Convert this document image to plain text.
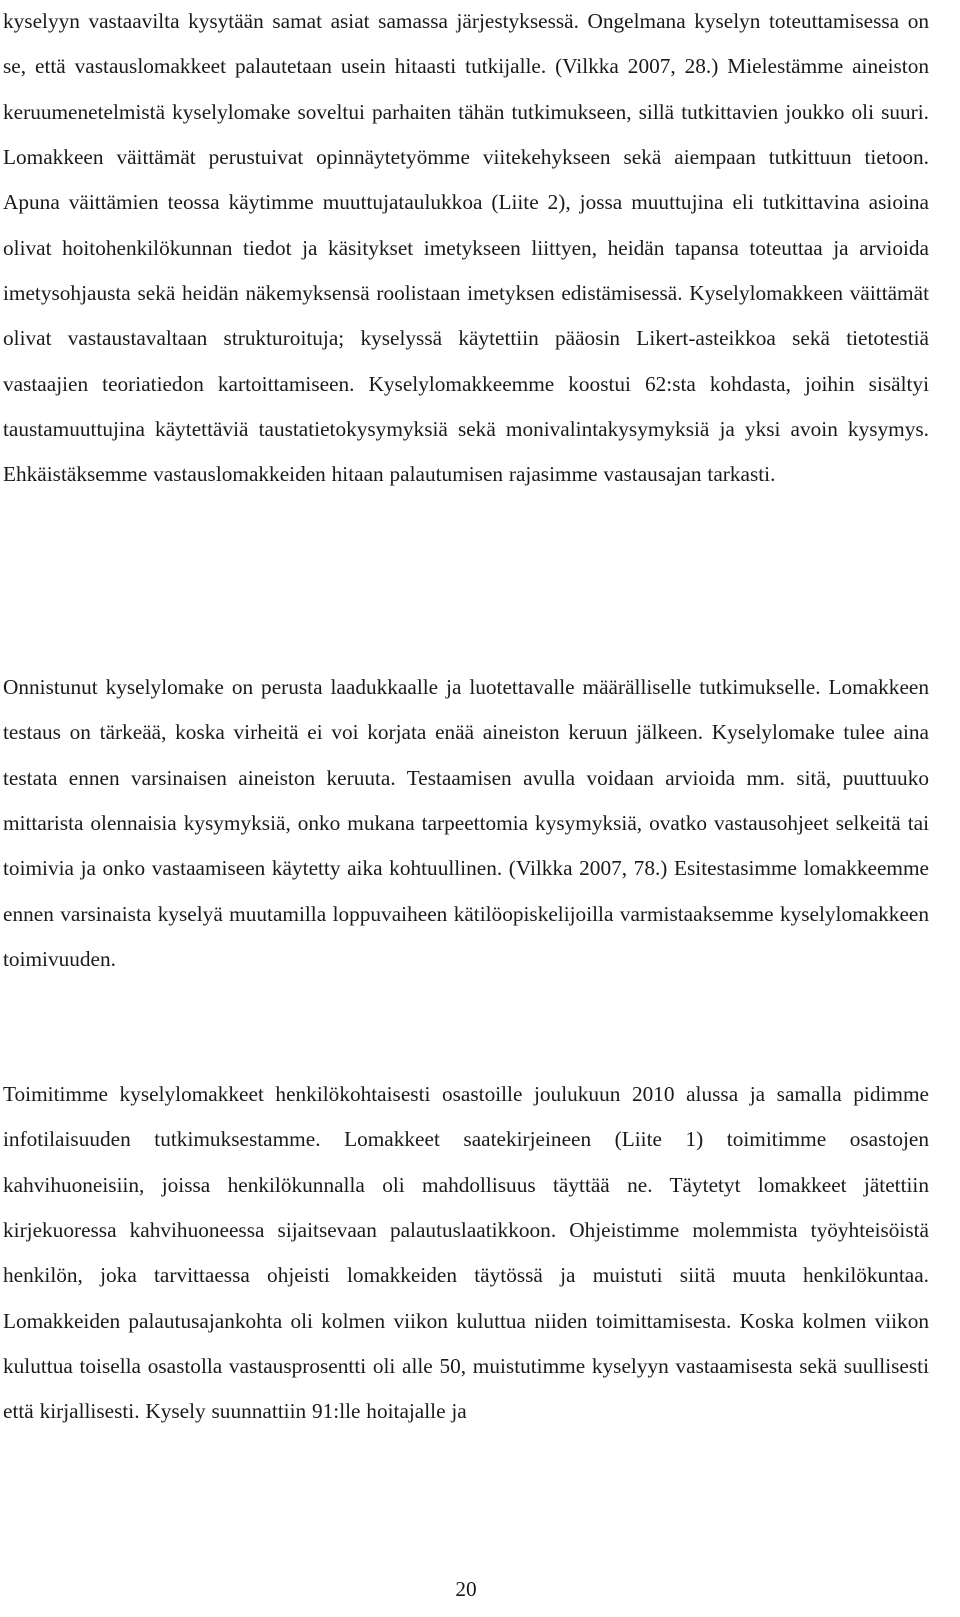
kyselyyn vastaavilta kysytään samat asiat samassa järjestyksessä. Ongelmana kyselyn toteuttamisessa on se, että vastauslomakkeet palautetaan usein hitaasti tutkijalle. (Vilkka 2007, 28.) Mielestämme aineiston keruumenetelmistä kyselylomake soveltui parhaiten tähän tutkimukseen, sillä tutkittavien joukko oli suuri. Lomakkeen väittämät perustuivat opinnäytetyömme viitekehykseen sekä aiempaan tutkittuun tietoon. Apuna väittämien teossa käytimme muuttujataulukkoa (Liite 2), jossa muuttujina eli tutkittavina asioina olivat hoitohenkilökunnan tiedot ja käsitykset imetykseen liittyen, heidän tapansa toteuttaa ja arvioida imetysohjausta sekä heidän näkemyksensä roolistaan imetyksen edistämisessä. Kyselylomakkeen väittämät olivat vastaustavaltaan strukturoituja; kyselyssä käytettiin pääosin Likert-asteikkoa sekä tietotestiä vastaajien teoriatiedon kartoittamiseen. Kyselylomakkeemme koostui 62:sta kohdasta, joihin sisältyi taustamuuttujina käytettäviä taustatietokysymyksiä sekä monivalintakysymyksiä ja yksi avoin kysymys. Ehkäistäksemme vastauslomakkeiden hitaan palautumisen rajasimme vastausajan tarkasti.

Onnistunut kyselylomake on perusta laadukkaalle ja luotettavalle määrälliselle tutkimukselle. Lomakkeen testaus on tärkeää, koska virheitä ei voi korjata enää aineiston keruun jälkeen. Kyselylomake tulee aina testata ennen varsinaisen aineiston keruuta. Testaamisen avulla voidaan arvioida mm. sitä, puuttuuko mittarista olennaisia kysymyksiä, onko mukana tarpeettomia kysymyksiä, ovatko vastausohjeet selkeitä tai toimivia ja onko vastaamiseen käytetty aika kohtuullinen. (Vilkka 2007, 78.) Esitestasimme lomakkeemme ennen varsinaista kyselyä muutamilla loppuvaiheen kätilöopiskelijoilla varmistaaksemme kyselylomakkeen toimivuuden.

Toimitimme kyselylomakkeet henkilökohtaisesti osastoille joulukuun 2010 alussa ja samalla pidimme infotilaisuuden tutkimuksestamme. Lomakkeet saatekirjeineen (Liite 1) toimitimme osastojen kahvihuoneisiin, joissa henkilökunnalla oli mahdollisuus täyttää ne. Täytetyt lomakkeet jätettiin kirjekuoressa kahvihuoneessa sijaitsevaan palautuslaatikkoon. Ohjeistimme molemmista työyhteisöistä henkilön, joka tarvittaessa ohjeisti lomakkeiden täytössä ja muistuti siitä muuta henkilökuntaa. Lomakkeiden palautusajankohta oli kolmen viikon kuluttua niiden toimittamisesta. Koska kolmen viikon kuluttua toisella osastolla vastausprosentti oli alle 50, muistutimme kyselyyn vastaamisesta sekä suullisesti että kirjallisesti. Kysely suunnattiin 91:lle hoitajalle ja

20
